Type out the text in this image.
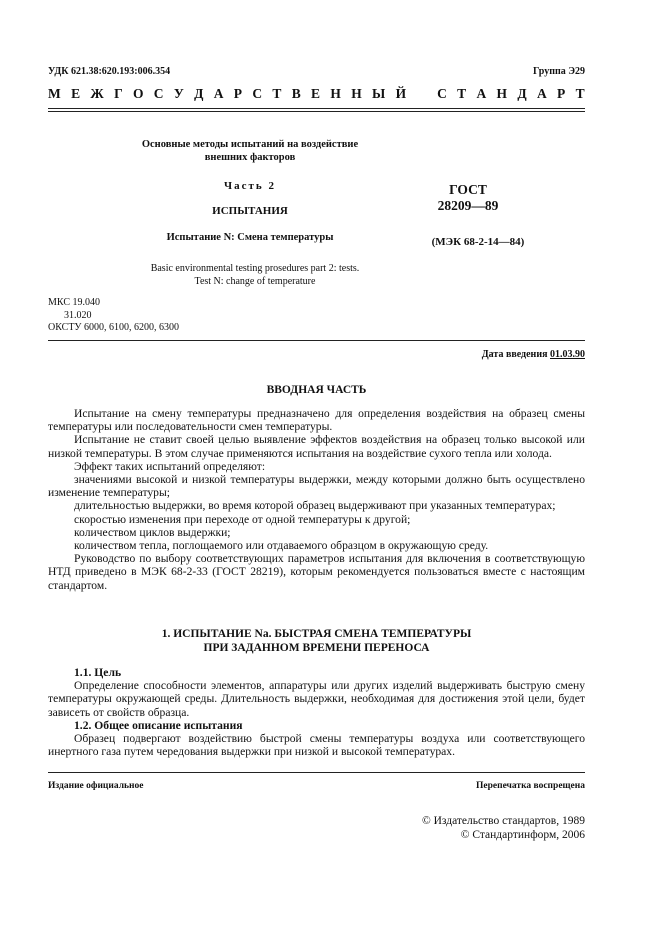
УДК 621.38:620.193:006.354	Группа Э29
М Е Ж Г О С У Д А Р С Т В Е Н Н Ы Й С Т А Н Д А Р Т
Основные методы испытаний на воздействие
внешних факторов
Часть 2
ИСПЫТАНИЯ
Испытание N: Смена температуры
Basic environmental testing prosedures part 2: tests.
Test N: change of temperature
ГОСТ
28209—89
(МЭК 68-2-14—84)
МКС 19.040
31.020
ОКСТУ 6000, 6100, 6200, 6300
Дата введения 01.03.90
ВВОДНАЯ ЧАСТЬ

Испытание на смену температуры предназначено для определения воздействия на образец смены температуры или последовательности смен температуры.

Испытание не ставит своей целью выявление эффектов воздействия на образец только высокой или низкой температуры. В этом случае применяются испытания на воздействие сухого тепла или холода.

Эффект таких испытаний определяют:

значениями высокой и низкой температуры выдержки, между которыми должно быть осуществлено изменение температуры;

длительностью выдержки, во время которой образец выдерживают при указанных температурах;

скоростью изменения при переходе от одной температуры к другой;

количеством циклов выдержки;

количеством тепла, поглощаемого или отдаваемого образцом в окружающую среду.

Руководство по выбору соответствующих параметров испытания для включения в соответствующую НТД приведено в МЭК 68-2-33 (ГОСТ 28219), которым рекомендуется пользоваться вместе с настоящим стандартом.

1. ИСПЫТАНИЕ Na. БЫСТРАЯ СМЕНА ТЕМПЕРАТУРЫ
ПРИ ЗАДАННОМ ВРЕМЕНИ ПЕРЕНОСА

1.1. Цель

Определение способности элементов, аппаратуры или других изделий выдерживать быструю смену температуры окружающей среды. Длительность выдержки, необходимая для достижения этой цели, будет зависеть от свойств образца.

1.2. Общее описание испытания

Образец подвергают воздействию быстрой смены температуры воздуха или соответствующего инертного газа путем чередования выдержки при низкой и высокой температурах.

Издание официальное	Перепечатка воспрещена
© Издательство стандартов, 1989
© Стандартинформ, 2006
